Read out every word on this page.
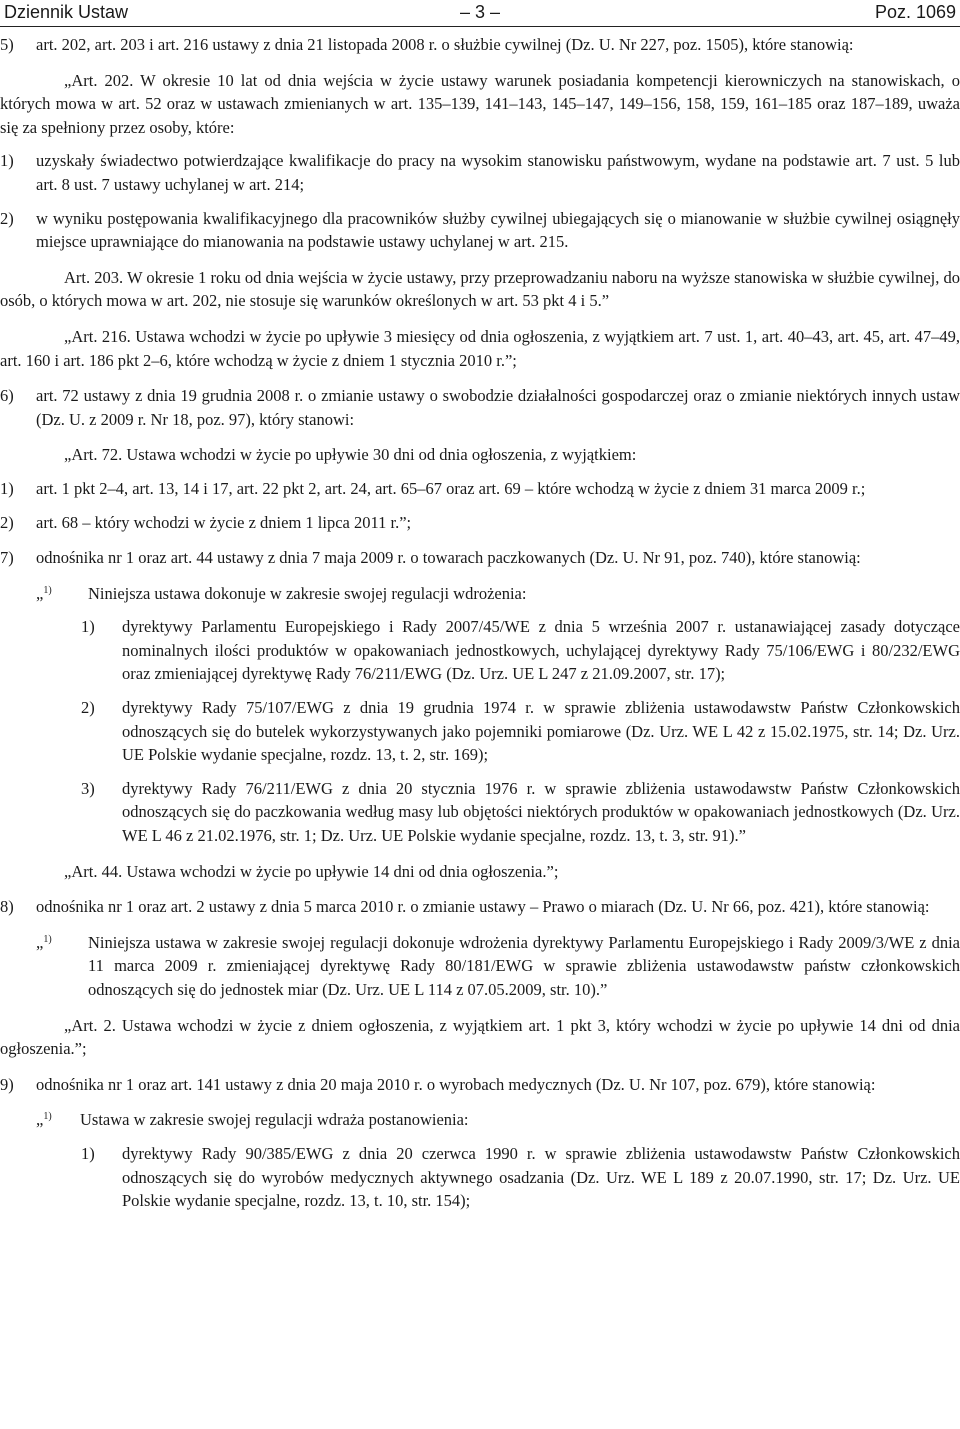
Dziennik Ustaw	– 3 –	Poz. 1069
5) art. 202, art. 203 i art. 216 ustawy z dnia 21 listopada 2008 r. o służbie cywilnej (Dz. U. Nr 227, poz. 1505), które stanowią:

„Art. 202. W okresie 10 lat od dnia wejścia w życie ustawy warunek posiadania kompetencji kierowniczych na stanowiskach, o których mowa w art. 52 oraz w ustawach zmienianych w art. 135–139, 141–143, 145–147, 149–156, 158, 159, 161–185 oraz 187–189, uważa się za spełniony przez osoby, które:

1) uzyskały świadectwo potwierdzające kwalifikacje do pracy na wysokim stanowisku państwowym, wydane na podstawie art. 7 ust. 5 lub art. 8 ust. 7 ustawy uchylanej w art. 214;

2) w wyniku postępowania kwalifikacyjnego dla pracowników służby cywilnej ubiegających się o mianowanie w służbie cywilnej osiągnęły miejsce uprawniające do mianowania na podstawie ustawy uchylanej w art. 215.

Art. 203. W okresie 1 roku od dnia wejścia w życie ustawy, przy przeprowadzaniu naboru na wyższe stanowiska w służbie cywilnej, do osób, o których mowa w art. 202, nie stosuje się warunków określonych w art. 53 pkt 4 i 5.”

„Art. 216. Ustawa wchodzi w życie po upływie 3 miesięcy od dnia ogłoszenia, z wyjątkiem art. 7 ust. 1, art. 40–43, art. 45, art. 47–49, art. 160 i art. 186 pkt 2–6, które wchodzą w życie z dniem 1 stycznia 2010 r.”;

6) art. 72 ustawy z dnia 19 grudnia 2008 r. o zmianie ustawy o swobodzie działalności gospodarczej oraz o zmianie niektórych innych ustaw (Dz. U. z 2009 r. Nr 18, poz. 97), który stanowi:

„Art. 72. Ustawa wchodzi w życie po upływie 30 dni od dnia ogłoszenia, z wyjątkiem:

1) art. 1 pkt 2–4, art. 13, 14 i 17, art. 22 pkt 2, art. 24, art. 65–67 oraz art. 69 – które wchodzą w życie z dniem 31 marca 2009 r.;

2) art. 68 – który wchodzi w życie z dniem 1 lipca 2011 r.”;

7) odnośnika nr 1 oraz art. 44 ustawy z dnia 7 maja 2009 r. o towarach paczkowanych (Dz. U. Nr 91, poz. 740), które stanowią:

„$^{1)}$ Niniejsza ustawa dokonuje w zakresie swojej regulacji wdrożenia:

1) dyrektywy Parlamentu Europejskiego i Rady 2007/45/WE z dnia 5 września 2007 r. ustanawiającej zasady dotyczące nominalnych ilości produktów w opakowaniach jednostkowych, uchylającej dyrektywy Rady 75/106/EWG i 80/232/EWG oraz zmieniającej dyrektywę Rady 76/211/EWG (Dz. Urz. UE L 247 z 21.09.2007, str. 17);

2) dyrektywy Rady 75/107/EWG z dnia 19 grudnia 1974 r. w sprawie zbliżenia ustawodawstw Państw Członkowskich odnoszących się do butelek wykorzystywanych jako pojemniki pomiarowe (Dz. Urz. WE L 42 z 15.02.1975, str. 14; Dz. Urz. UE Polskie wydanie specjalne, rozdz. 13, t. 2, str. 169);

3) dyrektywy Rady 76/211/EWG z dnia 20 stycznia 1976 r. w sprawie zbliżenia ustawodawstw Państw Członkowskich odnoszących się do paczkowania według masy lub objętości niektórych produktów w opakowaniach jednostkowych (Dz. Urz. WE L 46 z 21.02.1976, str. 1; Dz. Urz. UE Polskie wydanie specjalne, rozdz. 13, t. 3, str. 91).”

„Art. 44. Ustawa wchodzi w życie po upływie 14 dni od dnia ogłoszenia.”;

8) odnośnika nr 1 oraz art. 2 ustawy z dnia 5 marca 2010 r. o zmianie ustawy – Prawo o miarach (Dz. U. Nr 66, poz. 421), które stanowią:

„$^{1)}$ Niniejsza ustawa w zakresie swojej regulacji dokonuje wdrożenia dyrektywy Parlamentu Europejskiego i Rady 2009/3/WE z dnia 11 marca 2009 r. zmieniającej dyrektywę Rady 80/181/EWG w sprawie zbliżenia ustawodawstw państw członkowskich odnoszących się do jednostek miar (Dz. Urz. UE L 114 z 07.05.2009, str. 10).”

„Art. 2. Ustawa wchodzi w życie z dniem ogłoszenia, z wyjątkiem art. 1 pkt 3, który wchodzi w życie po upływie 14 dni od dnia ogłoszenia.”;

9) odnośnika nr 1 oraz art. 141 ustawy z dnia 20 maja 2010 r. o wyrobach medycznych (Dz. U. Nr 107, poz. 679), które stanowią:

„$^{1)}$ Ustawa w zakresie swojej regulacji wdraża postanowienia:

1) dyrektywy Rady 90/385/EWG z dnia 20 czerwca 1990 r. w sprawie zbliżenia ustawodawstw Państw Członkowskich odnoszących się do wyrobów medycznych aktywnego osadzania (Dz. Urz. WE L 189 z 20.07.1990, str. 17; Dz. Urz. UE Polskie wydanie specjalne, rozdz. 13, t. 10, str. 154);
